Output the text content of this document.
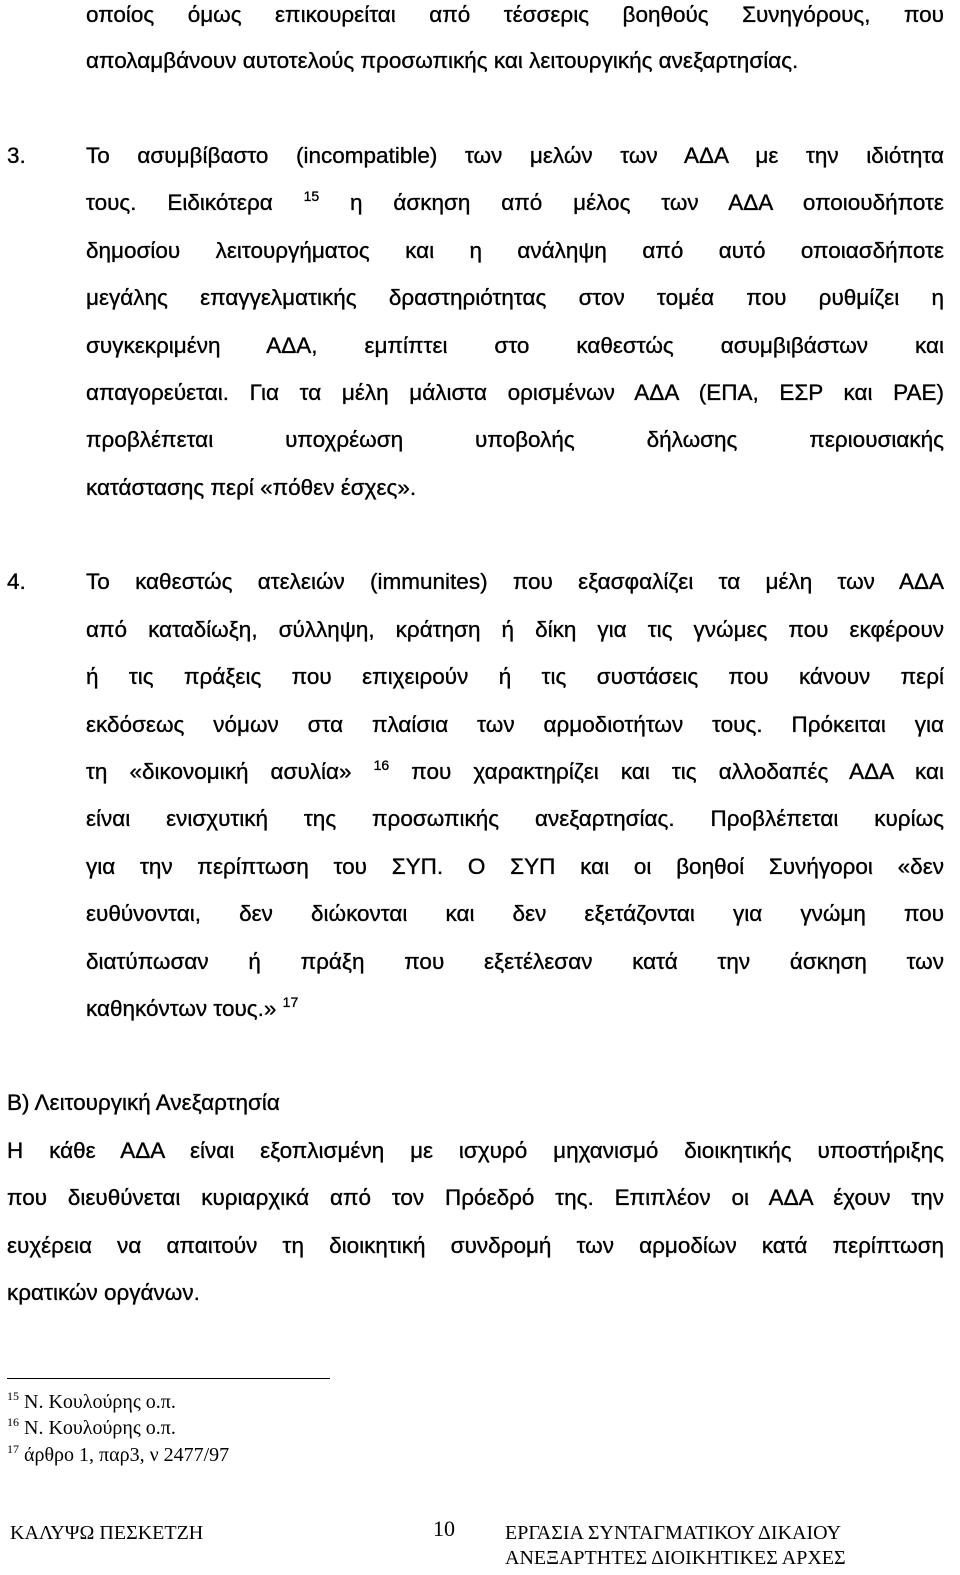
οποίος όμως επικουρείται από τέσσερις βοηθούς Συνηγόρους, που
απολαμβάνουν αυτοτελούς προσωπικής και λειτουργικής ανεξαρτησίας.
3.	Το ασυμβίβαστο (incompatible) των μελών των ΑΔΑ με την ιδιότητα
τους. Ειδικότερα $^{15}$ η άσκηση από μέλος των ΑΔΑ οποιουδήποτε
δημοσίου λειτουργήματος και η ανάληψη από αυτό οποιασδήποτε
μεγάλης επαγγελματικής δραστηριότητας στον τομέα που ρυθμίζει η
συγκεκριμένη ΑΔΑ, εμπίπτει στο καθεστώς ασυμβιβάστων και
απαγορεύεται. Για τα μέλη μάλιστα ορισμένων ΑΔΑ (ΕΠΑ, ΕΣΡ και ΡΑΕ)
προβλέπεται υποχρέωση υποβολής δήλωσης περιουσιακής
κατάστασης περί «πόθεν έσχες».
4.	Το καθεστώς ατελειών (immunites) που εξασφαλίζει τα μέλη των ΑΔΑ
από καταδίωξη, σύλληψη, κράτηση ή δίκη για τις γνώμες που εκφέρουν
ή τις πράξεις που επιχειρούν ή τις συστάσεις που κάνουν περί
εκδόσεως νόμων στα πλαίσια των αρμοδιοτήτων τους. Πρόκειται για
τη «δικονομική ασυλία» $^{16}$ που χαρακτηρίζει και τις αλλοδαπές ΑΔΑ και
είναι ενισχυτική της προσωπικής ανεξαρτησίας. Προβλέπεται κυρίως
για την περίπτωση του ΣΥΠ. Ο ΣΥΠ και οι βοηθοί Συνήγοροι «δεν
ευθύνονται, δεν διώκονται και δεν εξετάζονται για γνώμη που
διατύπωσαν ή πράξη που εξετέλεσαν κατά την άσκηση των
καθηκόντων τους.» $^{17}$
Β) Λειτουργική Ανεξαρτησία
Η κάθε ΑΔΑ είναι εξοπλισμένη με ισχυρό μηχανισμό διοικητικής υποστήριξης
που διευθύνεται κυριαρχικά από τον Πρόεδρό της. Επιπλέον οι ΑΔΑ έχουν την
ευχέρεια να απαιτούν τη διοικητική συνδρομή των αρμοδίων κατά περίπτωση
κρατικών οργάνων.
$^{15}$ Ν. Κουλούρης ο.π.
$^{16}$ Ν. Κουλούρης ο.π.
$^{17}$ άρθρο 1, παρ3, ν 2477/97
ΚΑΛΥΨΩ ΠΕΣΚΕΤΖΗ	10	ΕΡΓΑΣΙΑ ΣΥΝΤΑΓΜΑΤΙΚΟΥ ΔΙΚΑΙΟΥ
ΑΝΕΞΑΡΤΗΤΕΣ ΔΙΟΙΚΗΤΙΚΕΣ ΑΡΧΕΣ
